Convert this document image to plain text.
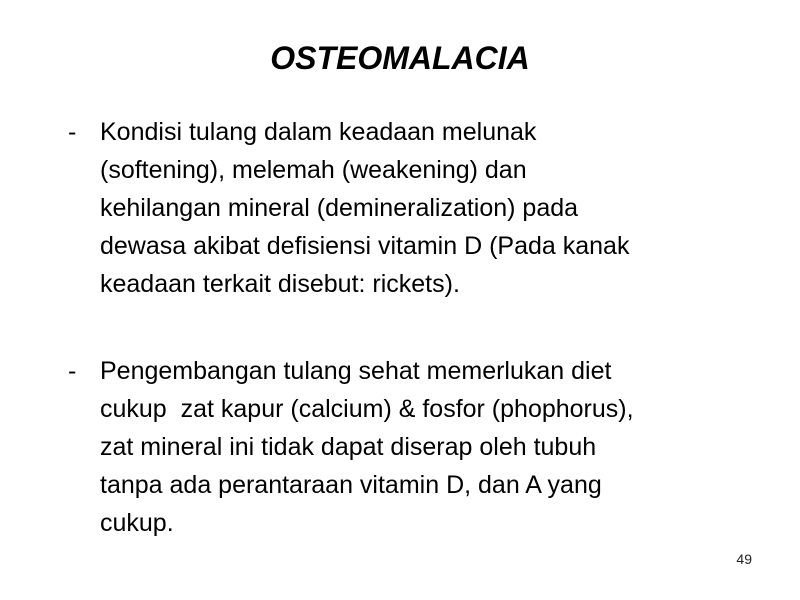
OSTEOMALACIA
- Kondisi tulang dalam keadaan melunak
(softening), melemah (weakening) dan
kehilangan mineral (demineralization) pada
dewasa akibat defisiensi vitamin D (Pada kanak
keadaan terkait disebut: rickets).
- Pengembangan tulang sehat memerlukan diet
cukup  zat kapur (calcium) & fosfor (phophorus),
zat mineral ini tidak dapat diserap oleh tubuh
tanpa ada perantaraan vitamin D, dan A yang
cukup.
49
